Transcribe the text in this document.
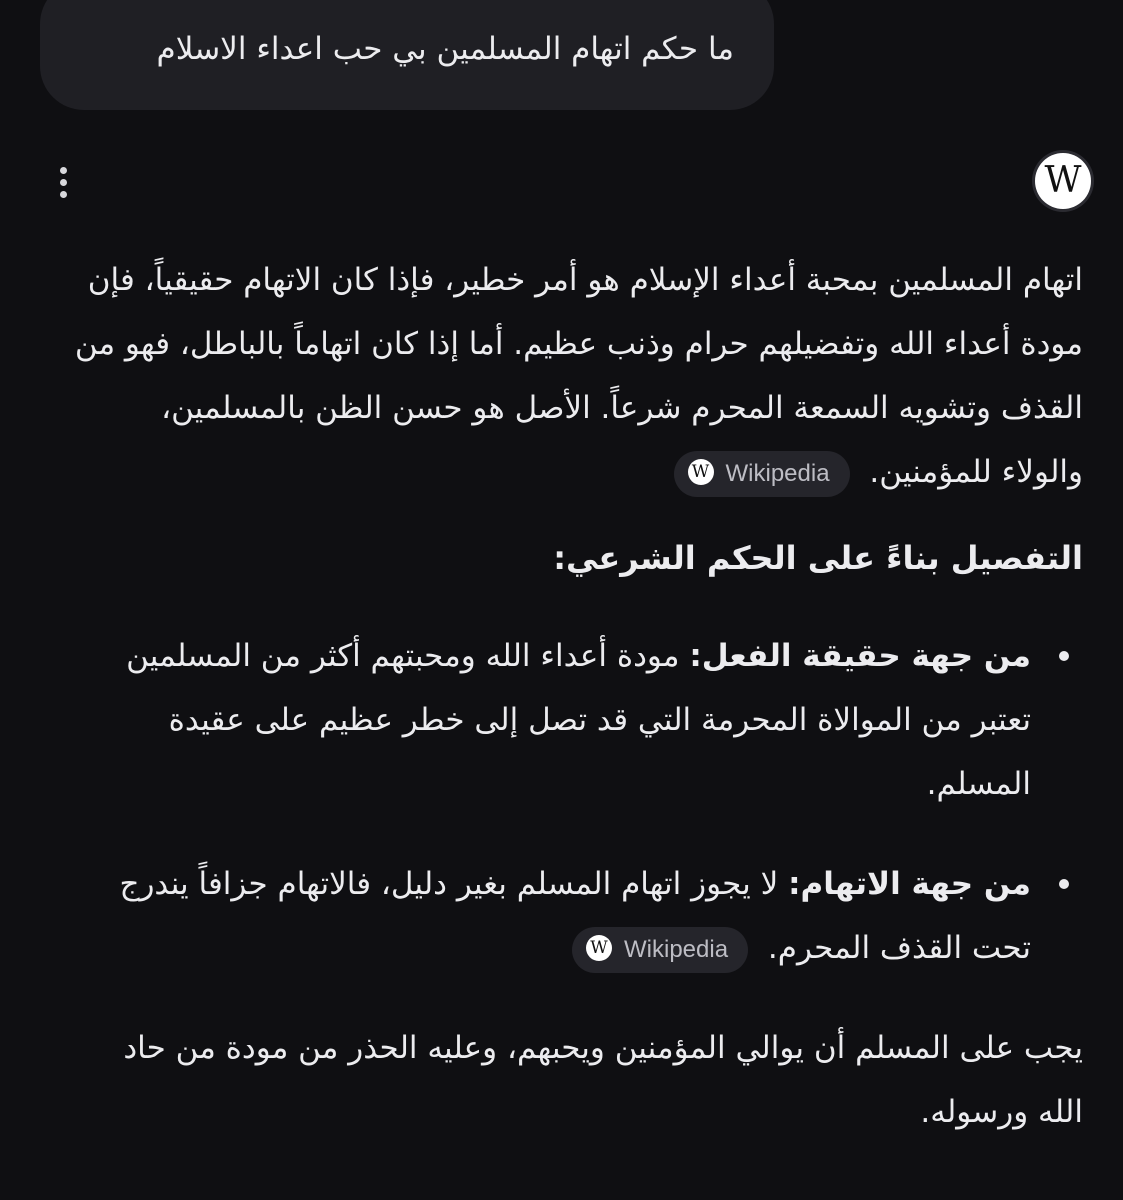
ما حكم اتهام المسلمين بي حب اعداء الاسلام
W

اتهام المسلمين بمحبة أعداء الإسلام هو أمر خطير، فإذا كان الاتهام حقيقياً، فإن مودة أعداء الله وتفضيلهم حرام وذنب عظيم. أما إذا كان اتهاماً بالباطل، فهو من القذف وتشويه السمعة المحرم شرعاً. الأصل هو حسن الظن بالمسلمين، والولاء للمؤمنين. W Wikipedia

التفصيل بناءً على الحكم الشرعي:

من جهة حقيقة الفعل: مودة أعداء الله ومحبتهم أكثر من المسلمين تعتبر من الموالاة المحرمة التي قد تصل إلى خطر عظيم على عقيدة المسلم.
من جهة الاتهام: لا يجوز اتهام المسلم بغير دليل، فالاتهام جزافاً يندرج تحت القذف المحرم. W Wikipedia

يجب على المسلم أن يوالي المؤمنين ويحبهم، وعليه الحذر من مودة من حاد الله ورسوله.
